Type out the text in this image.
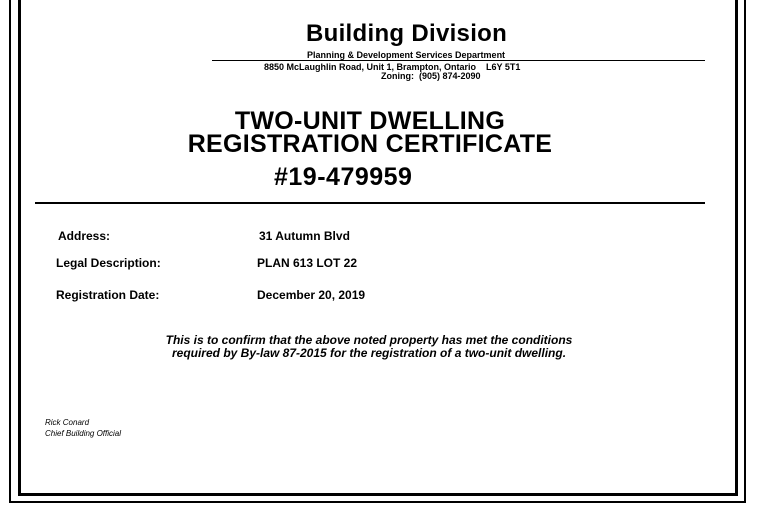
Building Division
Planning & Development Services Department
8850 McLaughlin Road, Unit 1, Brampton, Ontario    L6Y 5T1
Zoning:  (905) 874-2090
TWO-UNIT DWELLING
REGISTRATION CERTIFICATE
#19-479959
Address:	31 Autumn Blvd
Legal Description:	PLAN 613 LOT 22
Registration Date:	December 20, 2019
This is to confirm that the above noted property has met the conditions
required by By-law 87-2015 for the registration of a two-unit dwelling.
Rick Conard
Chief Building Official
